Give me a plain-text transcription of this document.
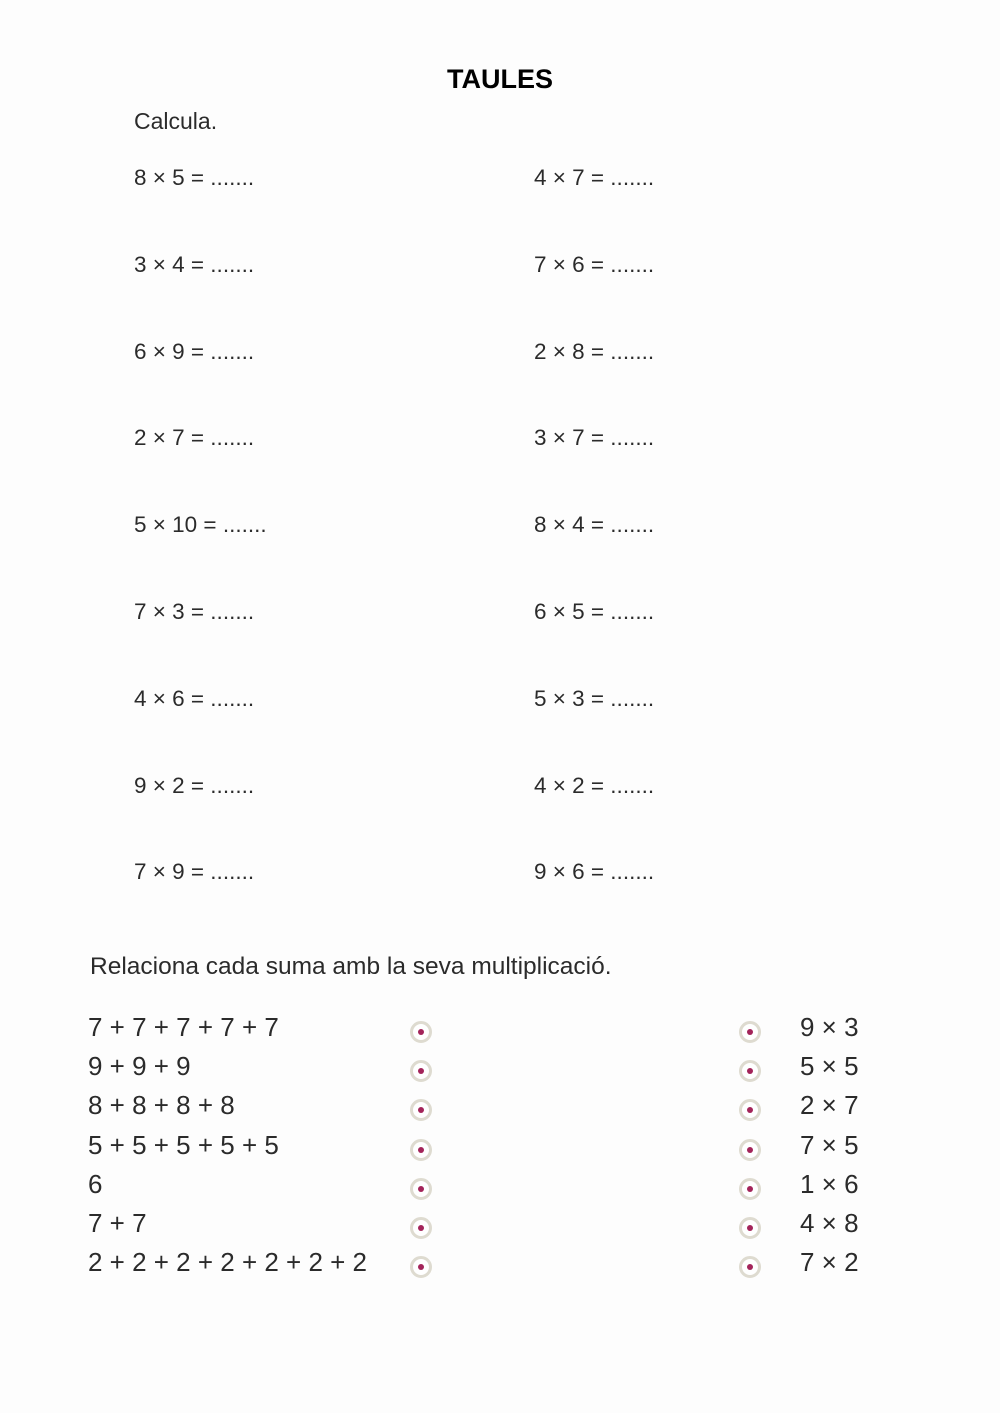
TAULES
Calcula.
8 × 5 = .......	4 × 7 = .......
3 × 4 = .......	7 × 6 = .......
6 × 9 = .......	2 × 8 = .......
2 × 7 = .......	3 × 7 = .......
5 × 10 = .......	8 × 4 = .......
7 × 3 = .......	6 × 5 = .......
4 × 6 = .......	5 × 3 = .......
9 × 2 = .......	4 × 2 = .......
7 × 9 = .......	9 × 6 = .......
Relaciona cada suma amb la seva multiplicació.
7 + 7 + 7 + 7 + 7	9 × 3
9 + 9 + 9	5 × 5
8 + 8 + 8 + 8	2 × 7
5 + 5 + 5 + 5 + 5	7 × 5
6	1 × 6
7 + 7	4 × 8
2 + 2 + 2 + 2 + 2 + 2 + 2	7 × 2
